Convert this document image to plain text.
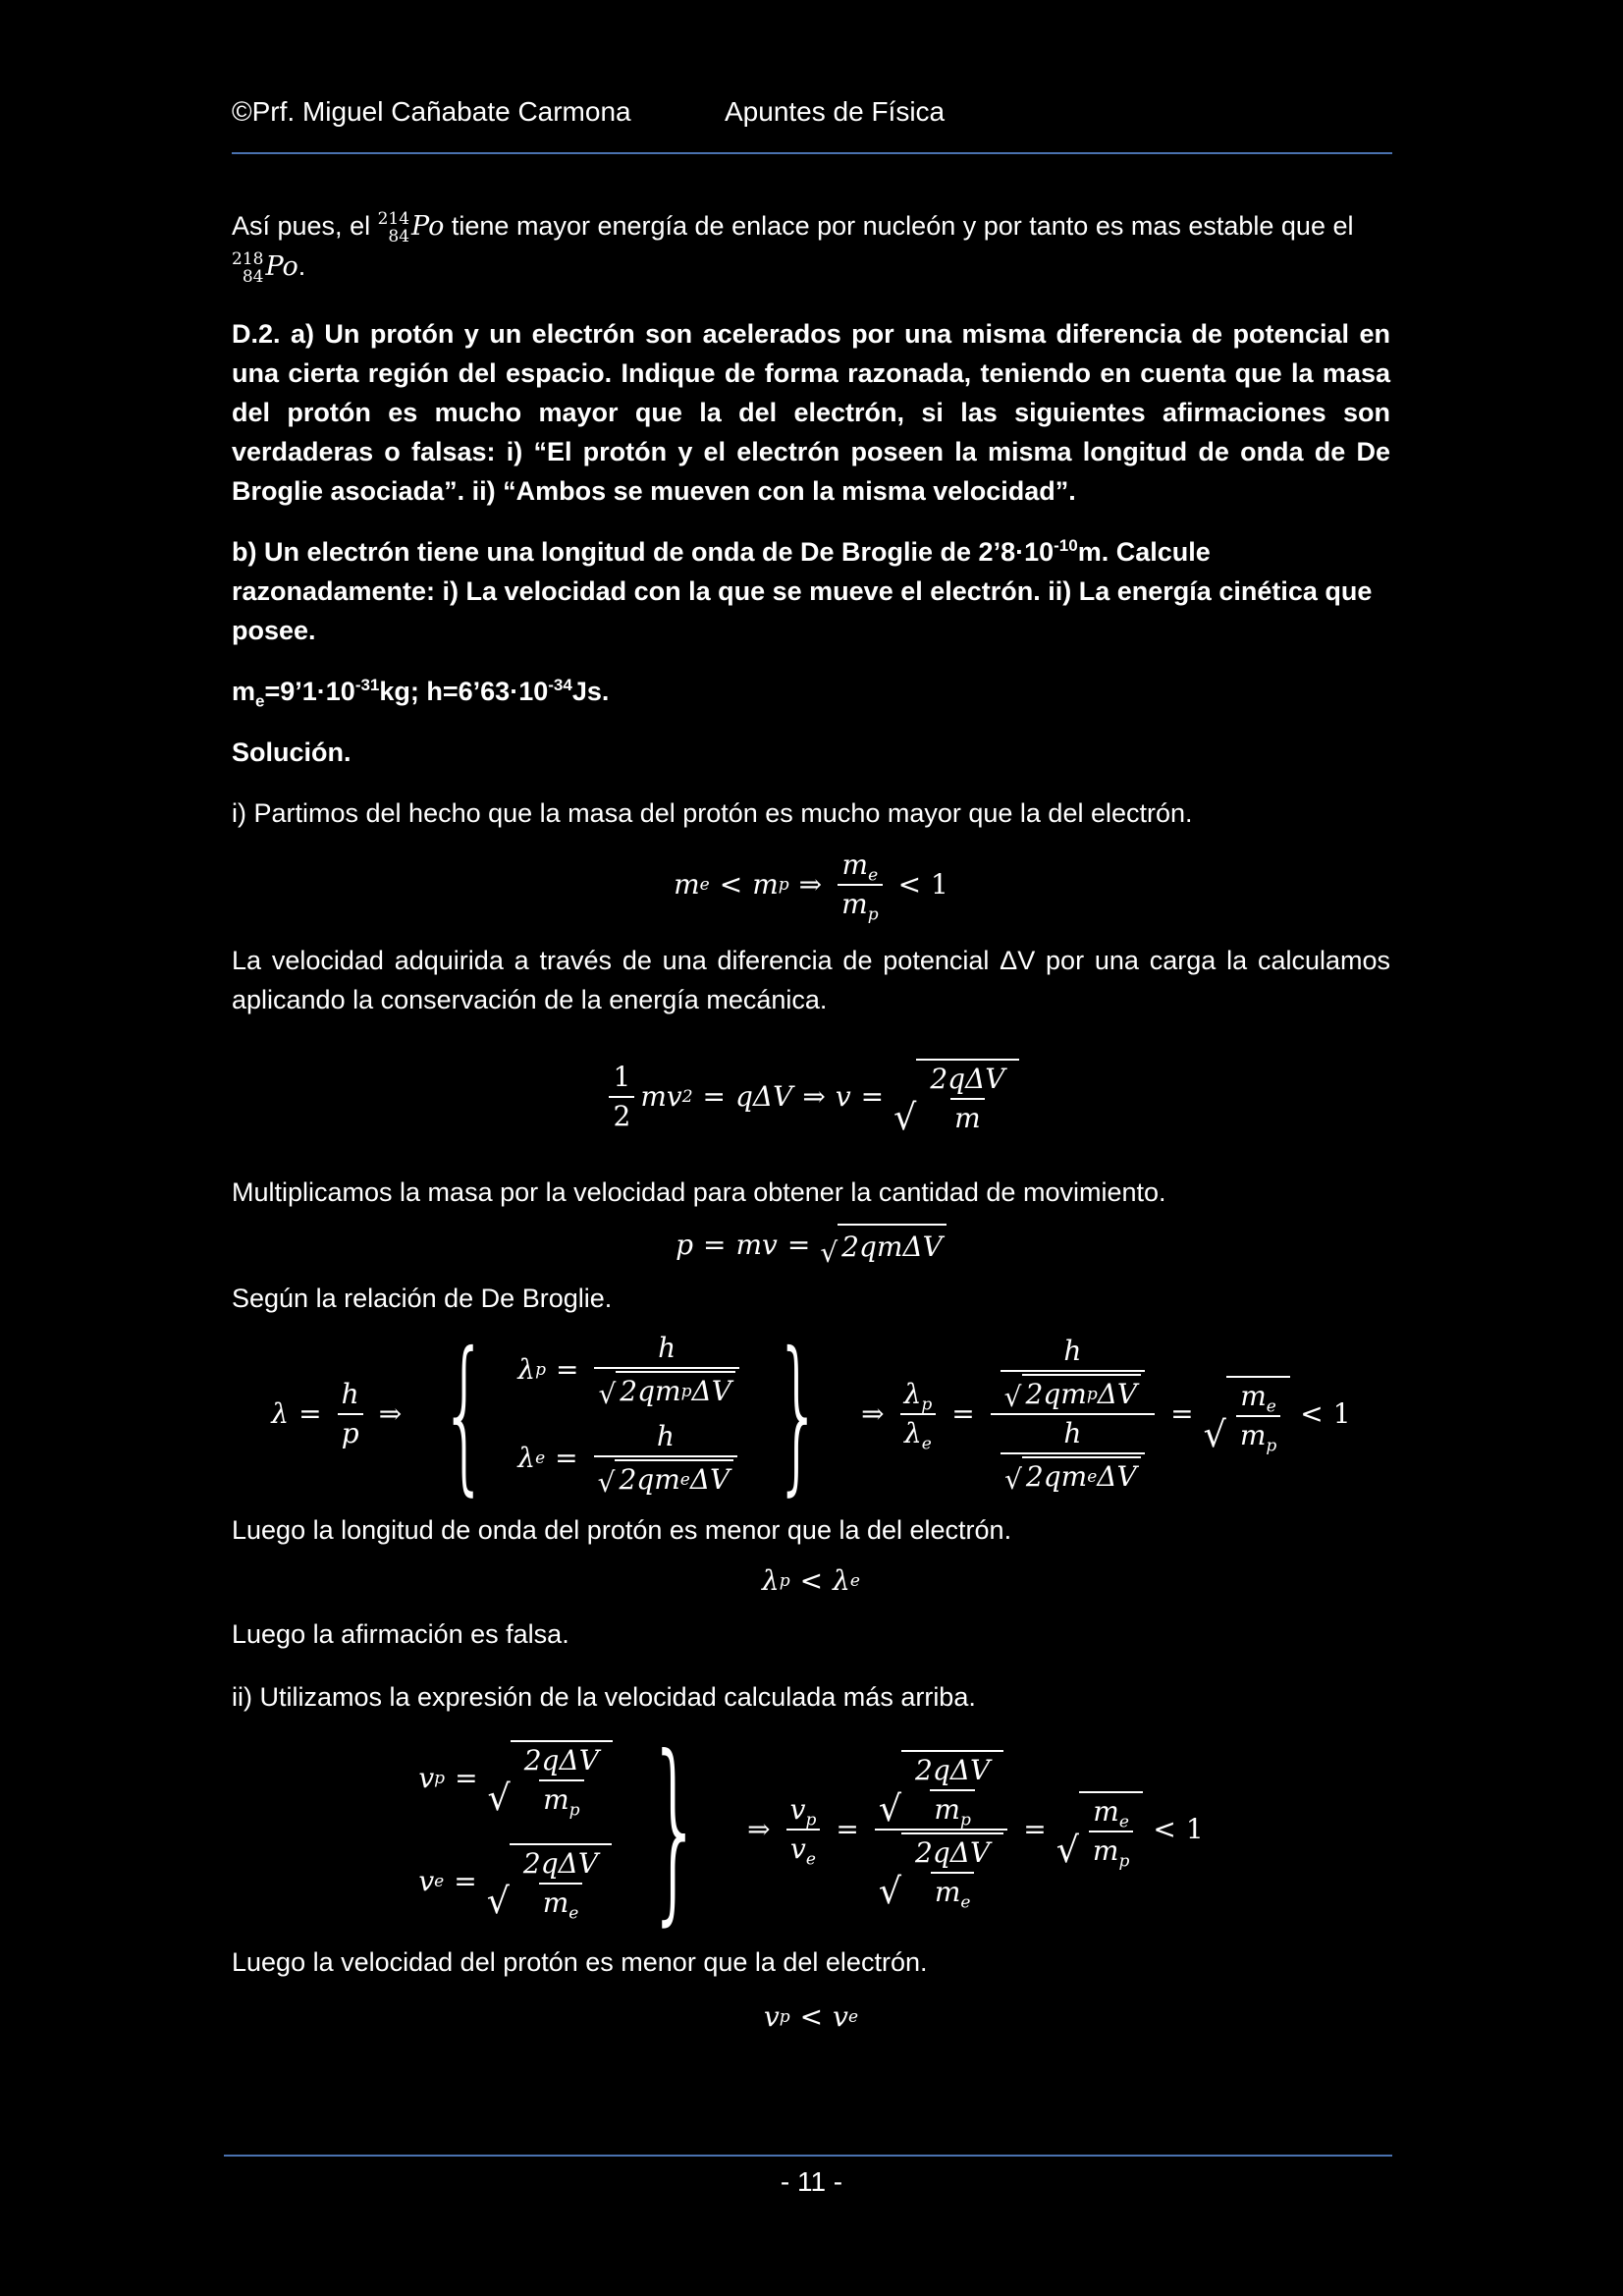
©Prf. Miguel Cañabate Carmona	Apuntes de Física

Así pues, el 214
84Po tiene mayor energía de enlace por nucleón y por tanto es mas estable que el 218
84Po.

D.2. a) Un protón y un electrón son acelerados por una misma diferencia de potencial en una cierta región del espacio. Indique de forma razonada, teniendo en cuenta que la masa del protón es mucho mayor que la del electrón, si las siguientes afirmaciones son verdaderas o falsas: i) “El protón y el electrón poseen la misma longitud de onda de De Broglie asociada”. ii) “Ambos se mueven con la misma velocidad”.

b) Un electrón tiene una longitud de onda de De Broglie de $2’8\cdot 10^{-10}m$. Calcule razonadamente: i) La velocidad con la que se mueve el electrón. ii) La energía cinética que posee.

$m_e=9’1\cdot 10^{-31}kg$; $h=6’63\cdot 10^{-34}Js$.

Solución.

i) Partimos del hecho que la masa del protón es mucho mayor que la del electrón.

m e < m p ⇒ $\frac{m_e}{m_p} < 1$

La velocidad adquirida a través de una diferencia de potencial ΔV por una carga la calculamos aplicando la conservación de la energía mecánica.

$\frac{1}{2}$ mv 2 = qΔV ⇒ v = √ $\frac{\text{2qΔV}}{m}$

Multiplicamos la masa por la velocidad para obtener la cantidad de movimiento.

p = mv = √ 2qmΔV

Según la relación de De Broglie.

$\lambda = \frac{h}{p}$ ⇒ { λ $p = \frac{h}{\text{√ 2qm p ΔV}}$
λ $e = \frac{h}{\text{√ 2qm e ΔV}}$ } ⇒ $\frac{\lambda_p}{\lambda_e} = \frac{\frac{h}{\text{√ 2qm p ΔV}}}{\frac{h}{\text{√ 2qm e ΔV}}}$ = √ $\frac{m_e}{m_p} < 1$

Luego la longitud de onda del protón es menor que la del electrón.

λ p < λ e

Luego la afirmación es falsa.

ii) Utilizamos la expresión de la velocidad calculada más arriba.

v p = √ $\frac{\text{2qΔV}}{m_p}$
v e = √ $\frac{\text{2qΔV}}{m_e}$ } ⇒ $\frac{v_p}{v_e} = \frac{√ \frac{\text{2qΔV}}{m_p}}{√ \frac{\text{2qΔV}}{m_e}}$ = √ $\frac{m_e}{m_p} < 1$

Luego la velocidad del protón es menor que la del electrón.

v p < v e
- 11 -
